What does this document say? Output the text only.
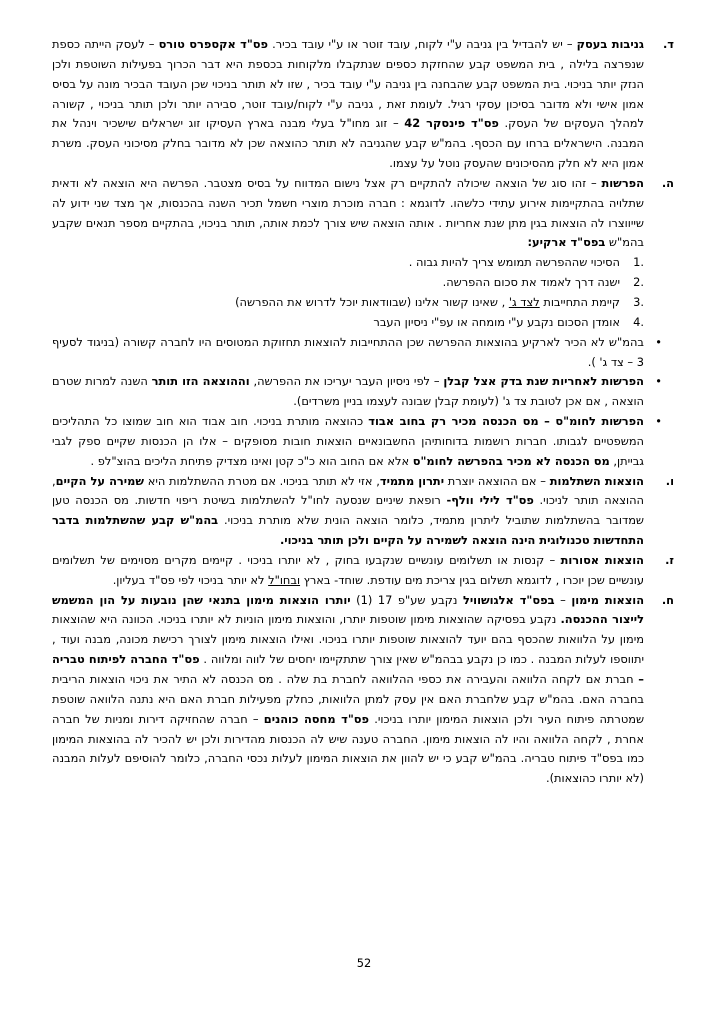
ד.

גניבות בעסק – יש להבדיל בין גניבה ע"י לקוח, עובד זוטר או ע"י עובד בכיר. פס"ד אקספרס טורס – לעסק הייתה כספת שנפרצה בלילה , בית המשפט קבע שהחזקת כספים שנתקבלו מלקוחות בכספת היא דבר הכרוך בפעילות השוטפת ולכן הנזק יותר בניכוי. בית המשפט קבע שהבחנה בין גניבה ע"י עובד בכיר , שזו לא תותר בניכוי שכן העובד הבכיר מונה על בסיס אמון אישי ולא מדובר בסיכון עסקי רגיל. לעומת זאת , גניבה ע"י לקוח/עובד זוטר, סבירה יותר ולכן תותר בניכוי , קשורה למהלך העסקים של העסק. פס"ד פינסקר 42 – זוג מחו"ל בעלי מבנה בארץ העסיקו זוג ישראלים שישכיר וינהל את המבנה. הישראלים ברחו עם הכסף. בהמ"ש קבע שהגניבה לא תותר כהוצאה שכן לא מדובר בחלק מסיכוני העסק. משרת אמון היא לא חלק מהסיכונים שהעסק נוטל על עצמו.

ה.

הפרשות – זהו סוג של הוצאה שיכולה להתקיים רק אצל נישום המדווח על בסיס מצטבר. הפרשה היא הוצאה לא ודאית שתלויה בהתקיימות אירוע עתידי כלשהו. לדוגמא : חברה מוכרת מוצרי חשמל תכיר השנה בהכנסות, אך מצד שני ידוע לה שייווצרו לה הוצאות בגין מתן שנת אחריות . אותה הוצאה שיש צורך לכמת אותה, תותר בניכוי, בהתקיים מספר תנאים שקבע בהמ"ש בפס"ד ארקיע:

.1
הסיכוי שההפרשה תמומש צריך להיות גבוה .
.2
ישנה דרך לאמוד את סכום ההפרשה.
.3
קיימת התחייבות לצד ג' , שאינו קשור אלינו (שבוודאות יוכל לדרוש את ההפרשה)
.4
אומדן הסכום נקבע ע"י מומחה או עפ"י ניסיון העבר
•

בהמ"ש לא הכיר לארקיע בהוצאות ההפרשה שכן ההתחייבות להוצאות תחזוקת המטוסים היו לחברה קשורה (בניגוד לסעיף 3 – צד ג' ).

•

הפרשות לאחריות שנת בדק אצל קבלן – לפי ניסיון העבר יעריכו את ההפרשה, וההוצאה הזו תותר השנה למרות שטרם הוצאה , אם אכן לטובת צד ג' (לעומת קבלן שבונה לעצמו בניין משרדים).

•

הפרשות לחומ"ס – מס הכנסה מכיר רק בחוב אבוד כהוצאה מותרת בניכוי. חוב אבוד הוא חוב שמוצו כל התהליכים המשפטיים לגבותו. חברות רושמות בדוחותיהן החשבונאיים הוצאות חובות מסופקים – אלו הן הכנסות שקיים ספק לגבי גבייתן, מס הכנסה לא מכיר בהפרשה לחומ"ס אלא אם החוב הוא כ"כ קטן ואינו מצדיק פתיחת הליכים בהוצ"לפ .

ו.

הוצאות השתלמות – אם ההוצאה יוצרת יתרון מתמיד, אזי לא תותר בניכוי. אם מטרת ההשתלמות היא שמירה על הקיים, ההוצאה תותר לניכוי. פס"ד לילי וולף- רופאת שיניים שנסעה לחו"ל להשתלמות בשיטת ריפוי חדשות. מס הכנסה טען שמדובר בהשתלמות שתוביל ליתרון מתמיד, כלומר הוצאה הונית שלא מותרת בניכוי. בהמ"ש קבע שהשתלמות בדבר התחדשות טכנולוגית הינה הוצאה לשמירה על הקיים ולכן תותר בניכוי.

ז.

הוצאות אסורות – קנסות או תשלומים עונשיים שנקבעו בחוק , לא יותרו בניכוי . קיימים מקרים מסוימים של תשלומים עונשיים שכן יוכרו , לדוגמא תשלום בגין צריכת מים עודפת. שוחד- בארץ ובחו"ל לא יותר בניכוי לפי פס"ד בעליון.

ח.

הוצאות מימון – בפס"ד אלגושוויל נקבע שע"פ 17 (1) יותרו הוצאות מימון בתנאי שהן נובעות על הון המשמש לייצור ההכנסה. נקבע בפסיקה שהוצאות מימון שוטפות יותרו, והוצאות מימון הוניות לא יותרו בניכוי. הכוונה היא שהוצאות מימון על הלוואות שהכסף בהם יועד להוצאות שוטפות יותרו בניכוי. ואילו הוצאות מימון לצורך רכישת מכונה, מבנה ועוד , יתווספו לעלות המבנה . כמו כן נקבע בבהמ"ש שאין צורך שתתקיימו יחסים של לווה ומלווה . פס"ד החברה לפיתוח טבריה – חברת אם לקחה הלוואה והעבירה את כספי ההלוואה לחברת בת שלה . מס הכנסה לא התיר את ניכוי הוצאות הריבית בחברה האם. בהמ"ש קבע שלחברת האם אין עסק למתן הלוואות, כחלק מפעילות חברת האם היא נתנה הלוואה שוטפת שמטרתה פיתוח העיר ולכן הוצאות המימון יותרו בניכוי. פס"ד מחסה כוהנים – חברה שהחזיקה דירות ומניות של חברה אחרת , לקחה הלוואה והיו לה הוצאות מימון. החברה טענה שיש לה הכנסות מהדירות ולכן יש להכיר לה בהוצאות המימון כמו בפס"ד פיתוח טבריה. בהמ"ש קבע כי יש להוון את הוצאות המימון לעלות נכסי החברה, כלומר להוסיפם לעלות המבנה (לא יותרו כהוצאות).

52
